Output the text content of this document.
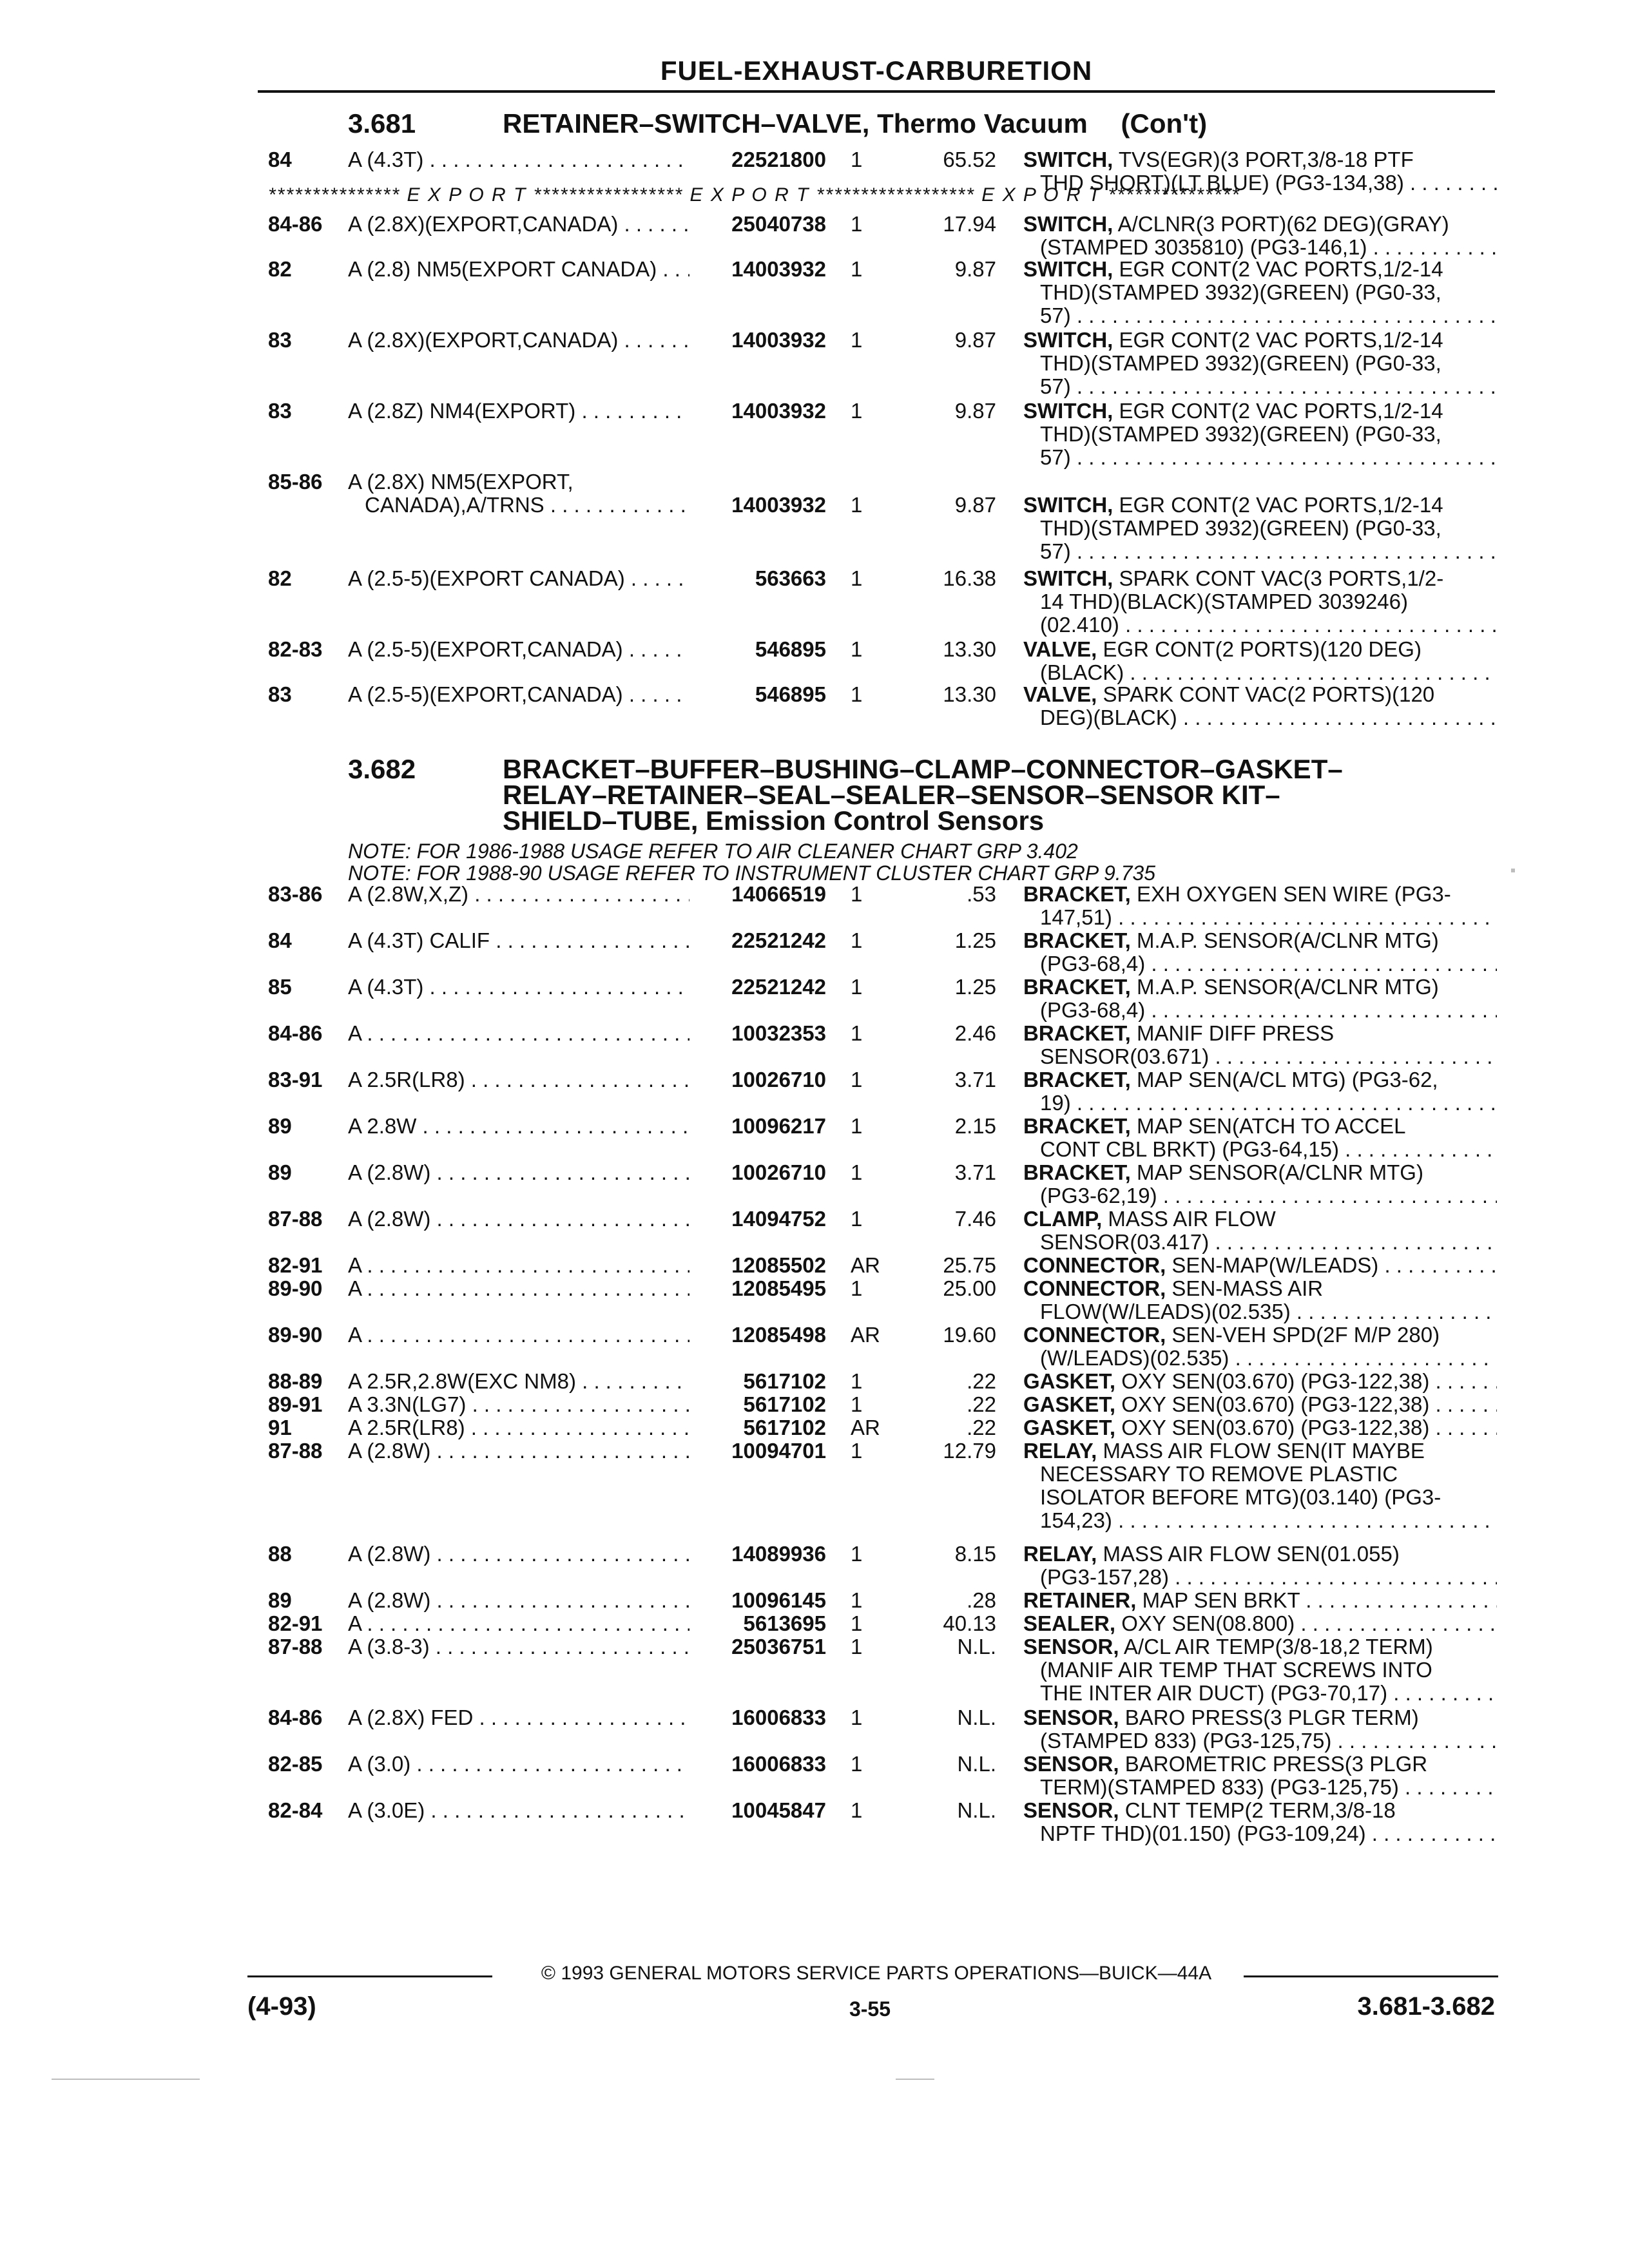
FUEL-EXHAUST-CARBURETION
3.681	RETAINER–SWITCH–VALVE, Thermo Vacuum (Con't)
84	A (4.3T) . . .	22521800 1	65.52 SWITCH, TVS(EGR)(3 PORT,3/8-18 PTF
THD SHORT)(LT BLUE) (PG3-134,38) . . .
84-86	A (2.8X)(EXPORT,CANADA) . . .	25040738 1	17.94 SWITCH, A/CLNR(3 PORT)(62 DEG)(GRAY)
(STAMPED 3035810) (PG3-146,1) . . .
82	A (2.8) NM5(EXPORT CANADA) . . .	14003932 1	9.87 SWITCH, EGR CONT(2 VAC PORTS,1/2-14
THD)(STAMPED 3932)(GREEN) (PG0-33,
57) . . .
83	A (2.8X)(EXPORT,CANADA) . . .	14003932 1	9.87 SWITCH, EGR CONT(2 VAC PORTS,1/2-14
THD)(STAMPED 3932)(GREEN) (PG0-33,
57) . . .
83	A (2.8Z) NM4(EXPORT) . . .	14003932 1	9.87 SWITCH, EGR CONT(2 VAC PORTS,1/2-14
THD)(STAMPED 3932)(GREEN) (PG0-33,
57) . . .
85-86	A (2.8X) NM5(EXPORT,
CANADA),A/TRNS . . .	14003932 1	9.87 SWITCH, EGR CONT(2 VAC PORTS,1/2-14
THD)(STAMPED 3932)(GREEN) (PG0-33,
57) . . .
82	A (2.5-5)(EXPORT CANADA) . . .	563663 1	16.38 SWITCH, SPARK CONT VAC(3 PORTS,1/2-
14 THD)(BLACK)(STAMPED 3039246)
(02.410) . . .
82-83	A (2.5-5)(EXPORT,CANADA) . . .	546895 1	13.30 VALVE, EGR CONT(2 PORTS)(120 DEG)
(BLACK) . . .
83	A (2.5-5)(EXPORT,CANADA) . . .	546895 1	13.30 VALVE, SPARK CONT VAC(2 PORTS)(120
DEG)(BLACK) . . .
*************** E X P O R T ***************** E X P O R T ****************** E X P O R T ***************
3.682	BRACKET–BUFFER–BUSHING–CLAMP–CONNECTOR–GASKET–
RELAY–RETAINER–SEAL–SEALER–SENSOR–SENSOR KIT–
SHIELD–TUBE, Emission Control Sensors
NOTE: FOR 1986-1988 USAGE REFER TO AIR CLEANER CHART GRP 3.402
NOTE: FOR 1988-90 USAGE REFER TO INSTRUMENT CLUSTER CHART GRP 9.735
83-86	A (2.8W,X,Z) . . .	14066519 1	.53 BRACKET, EXH OXYGEN SEN WIRE (PG3-
147,51) . . .
84	A (4.3T) CALIF . . .	22521242 1	1.25 BRACKET, M.A.P. SENSOR(A/CLNR MTG)
(PG3-68,4) . . .
85	A (4.3T) . . .	22521242 1	1.25 BRACKET, M.A.P. SENSOR(A/CLNR MTG)
(PG3-68,4) . . .
84-86	A . . .	10032353 1	2.46 BRACKET, MANIF DIFF PRESS
SENSOR(03.671) . . .
83-91	A 2.5R(LR8) . . .	10026710 1	3.71 BRACKET, MAP SEN(A/CL MTG) (PG3-62,
19) . . .
89	A 2.8W . . .	10096217 1	2.15 BRACKET, MAP SEN(ATCH TO ACCEL
CONT CBL BRKT) (PG3-64,15) . . .
89	A (2.8W) . . .	10026710 1	3.71 BRACKET, MAP SENSOR(A/CLNR MTG)
(PG3-62,19) . . .
87-88	A (2.8W) . . .	14094752 1	7.46 CLAMP, MASS AIR FLOW
SENSOR(03.417) . . .
82-91	A . . .	12085502 AR	25.75 CONNECTOR, SEN-MAP(W/LEADS) . . .
89-90	A . . .	12085495 1	25.00 CONNECTOR, SEN-MASS AIR
FLOW(W/LEADS)(02.535) . . .
89-90	A . . .	12085498 AR	19.60 CONNECTOR, SEN-VEH SPD(2F M/P 280)
(W/LEADS)(02.535) . . .
88-89	A 2.5R,2.8W(EXC NM8) . . .	5617102 1	.22 GASKET, OXY SEN(03.670) (PG3-122,38) . . .
89-91	A 3.3N(LG7) . . .	5617102 1	.22 GASKET, OXY SEN(03.670) (PG3-122,38) . . .
91	A 2.5R(LR8) . . .	5617102 AR	.22 GASKET, OXY SEN(03.670) (PG3-122,38) . . .
87-88	A (2.8W) . . .	10094701 1	12.79 RELAY, MASS AIR FLOW SEN(IT MAYBE
NECESSARY TO REMOVE PLASTIC
ISOLATOR BEFORE MTG)(03.140) (PG3-
154,23) . . .
88	A (2.8W) . . .	14089936 1	8.15 RELAY, MASS AIR FLOW SEN(01.055)
(PG3-157,28) . . .
89	A (2.8W) . . .	10096145 1	.28 RETAINER, MAP SEN BRKT . . .
82-91	A . . .	5613695 1	40.13 SEALER, OXY SEN(08.800) . . .
87-88	A (3.8-3) . . .	25036751 1	N.L. SENSOR, A/CL AIR TEMP(3/8-18,2 TERM)
(MANIF AIR TEMP THAT SCREWS INTO
THE INTER AIR DUCT) (PG3-70,17) . . .
84-86	A (2.8X) FED . . .	16006833 1	N.L. SENSOR, BARO PRESS(3 PLGR TERM)
(STAMPED 833) (PG3-125,75) . . .
82-85	A (3.0) . . .	16006833 1	N.L. SENSOR, BAROMETRIC PRESS(3 PLGR
TERM)(STAMPED 833) (PG3-125,75) . . .
82-84	A (3.0E) . . .	10045847 1	N.L. SENSOR, CLNT TEMP(2 TERM,3/8-18
NPTF THD)(01.150) (PG3-109,24) . . .
© 1993 GENERAL MOTORS SERVICE PARTS OPERATIONS—BUICK—44A
(4-93)	3-55	3.681-3.682
